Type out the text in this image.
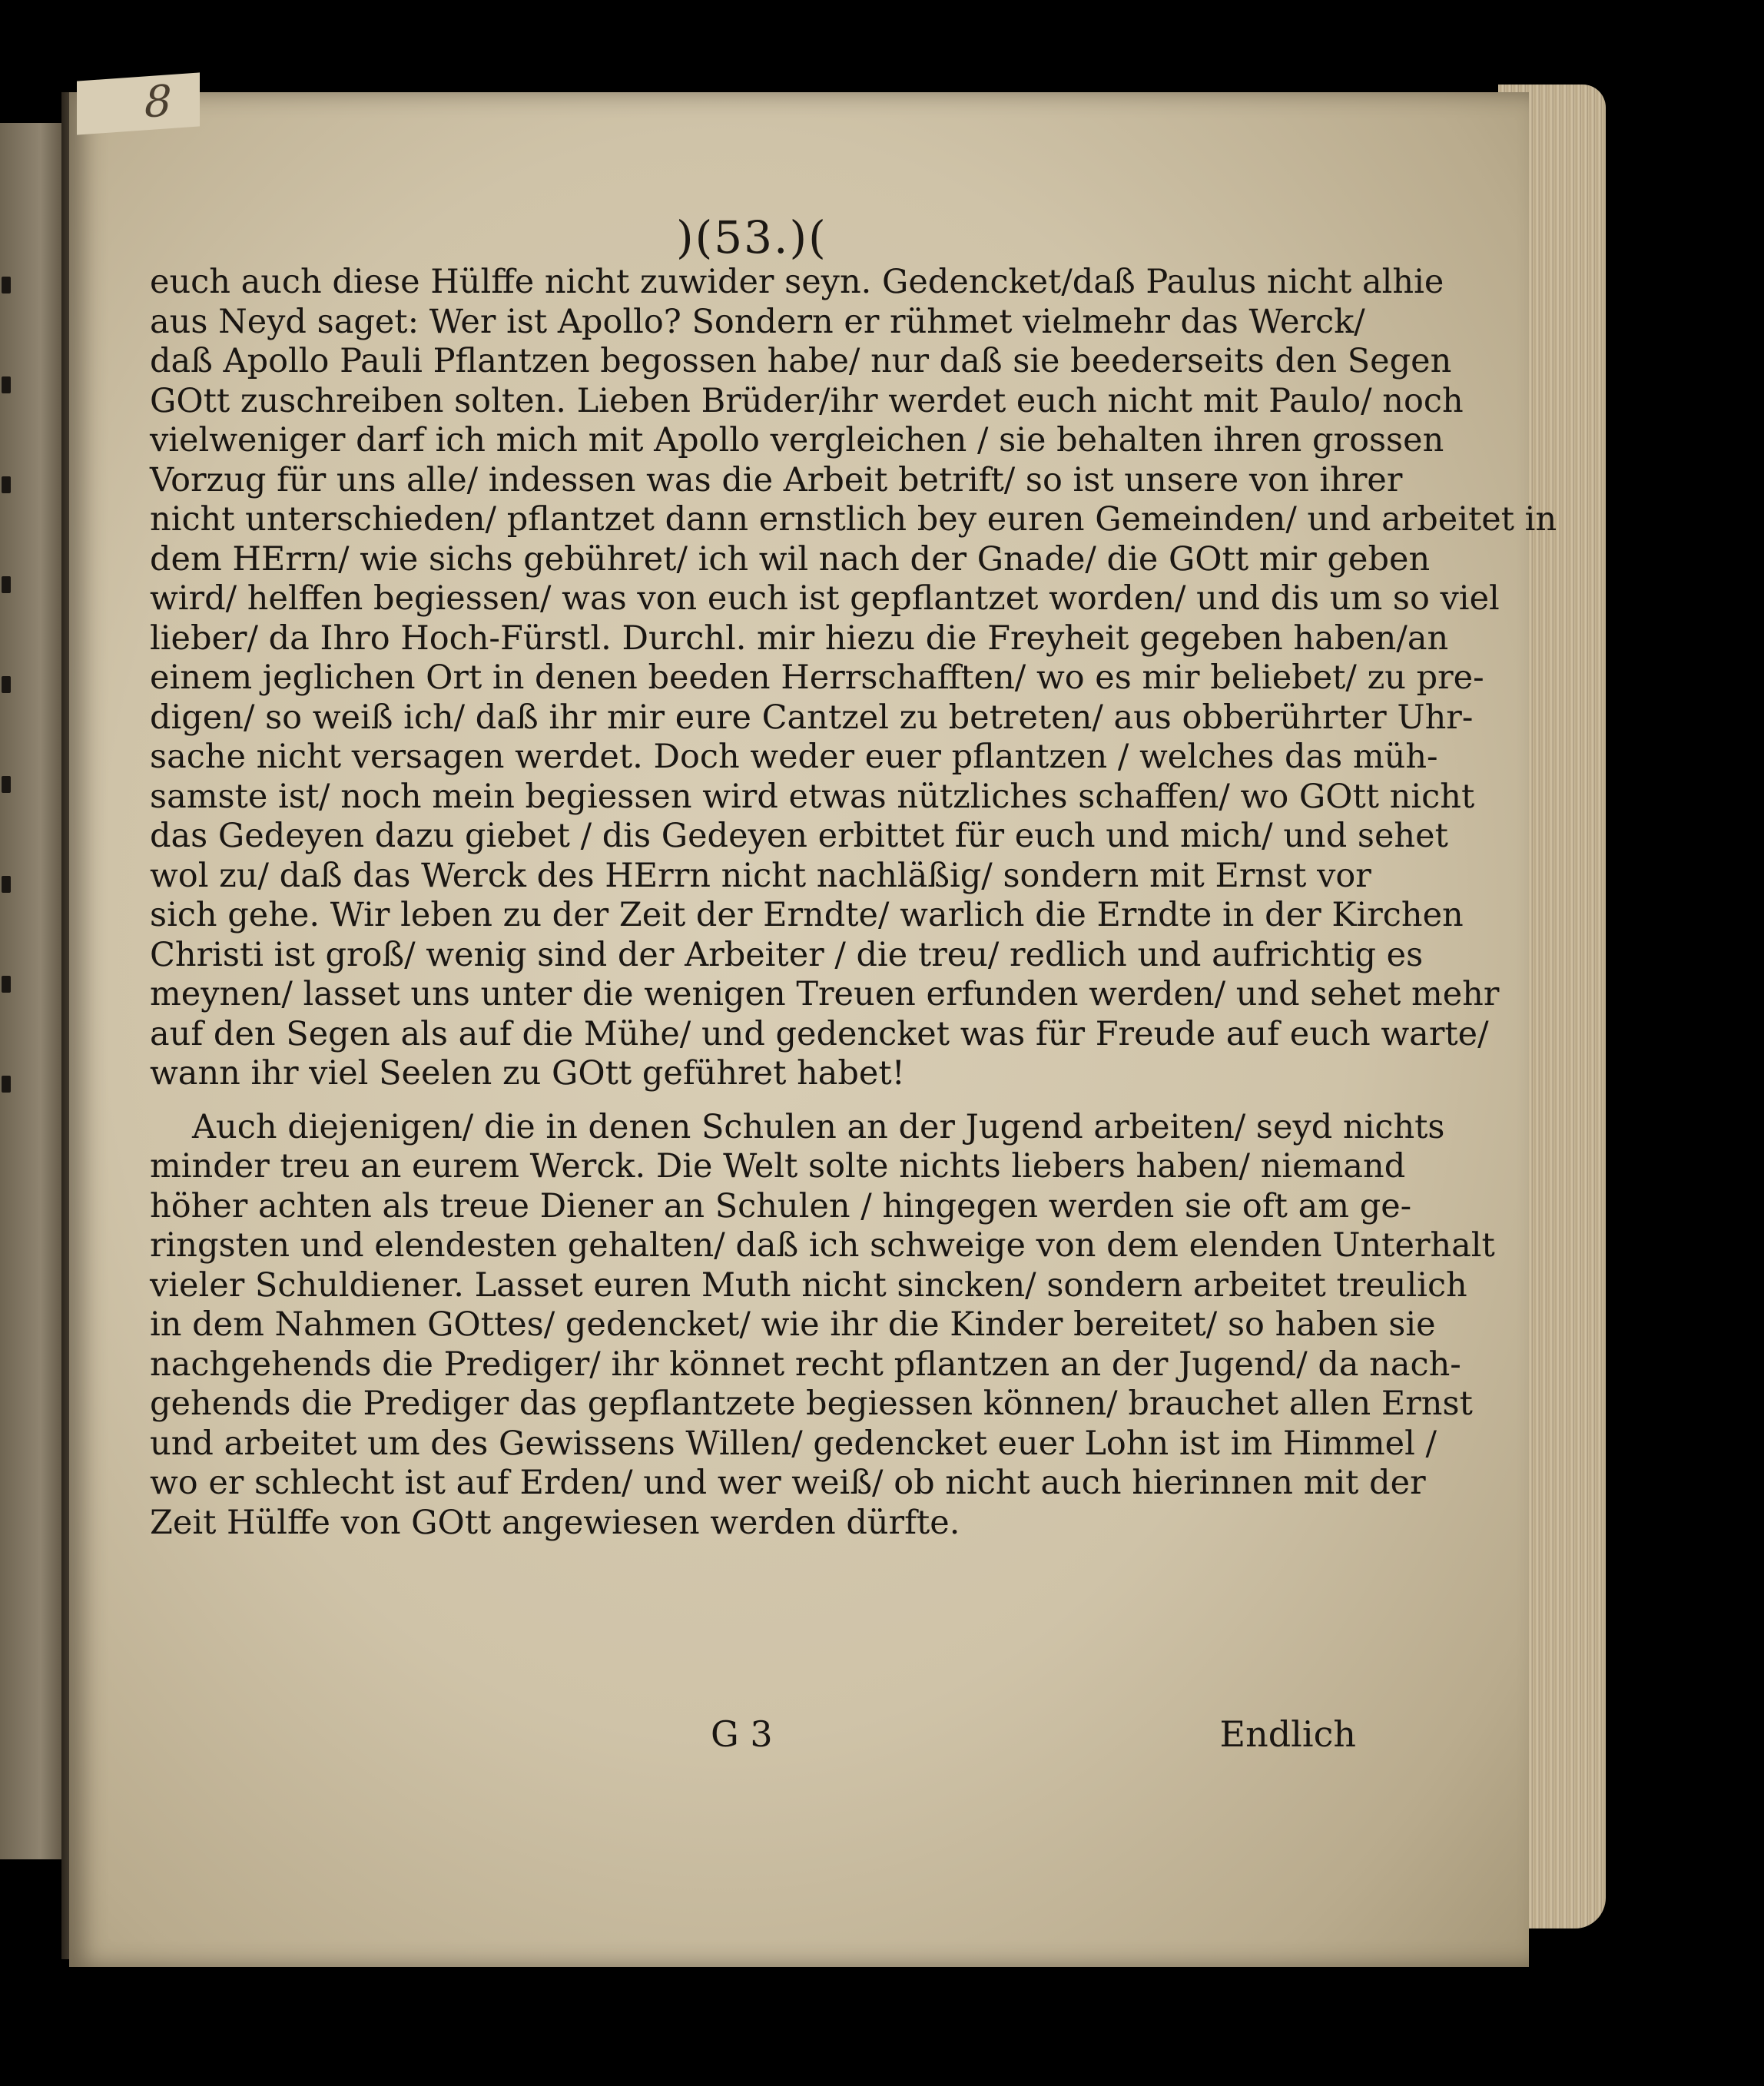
)(53.)(
euch auch diese Hülffe nicht zuwider seyn. Gedencket/daß Paulus nicht alhie
aus Neyd saget: Wer ist Apollo? Sondern er rühmet vielmehr das Werck/
daß Apollo Pauli Pflantzen begossen habe/ nur daß sie beederseits den Segen
GOtt zuschreiben solten. Lieben Brüder/ihr werdet euch nicht mit Paulo/ noch
vielweniger darf ich mich mit Apollo vergleichen / sie behalten ihren grossen
Vorzug für uns alle/ indessen was die Arbeit betrift/ so ist unsere von ihrer
nicht unterschieden/ pflantzet dann ernstlich bey euren Gemeinden/ und arbeitet in
dem HErrn/ wie sichs gebühret/ ich wil nach der Gnade/ die GOtt mir geben
wird/ helffen begiessen/ was von euch ist gepflantzet worden/ und dis um so viel
lieber/ da Ihro Hoch-Fürstl. Durchl. mir hiezu die Freyheit gegeben haben/an
einem jeglichen Ort in denen beeden Herrschafften/ wo es mir beliebet/ zu pre-
digen/ so weiß ich/ daß ihr mir eure Cantzel zu betreten/ aus obberührter Uhr-
sache nicht versagen werdet. Doch weder euer pflantzen / welches das müh-
samste ist/ noch mein begiessen wird etwas nützliches schaffen/ wo GOtt nicht
das Gedeyen dazu giebet / dis Gedeyen erbittet für euch und mich/ und sehet
wol zu/ daß das Werck des HErrn nicht nachläßig/ sondern mit Ernst vor
sich gehe. Wir leben zu der Zeit der Erndte/ warlich die Erndte in der Kirchen
Christi ist groß/ wenig sind der Arbeiter / die treu/ redlich und aufrichtig es
meynen/ lasset uns unter die wenigen Treuen erfunden werden/ und sehet mehr
auf den Segen als auf die Mühe/ und gedencket was für Freude auf euch warte/
wann ihr viel Seelen zu GOtt geführet habet!
Auch diejenigen/ die in denen Schulen an der Jugend arbeiten/ seyd nichts
minder treu an eurem Werck. Die Welt solte nichts liebers haben/ niemand
höher achten als treue Diener an Schulen / hingegen werden sie oft am ge-
ringsten und elendesten gehalten/ daß ich schweige von dem elenden Unterhalt
vieler Schuldiener. Lasset euren Muth nicht sincken/ sondern arbeitet treulich
in dem Nahmen GOttes/ gedencket/ wie ihr die Kinder bereitet/ so haben sie
nachgehends die Prediger/ ihr könnet recht pflantzen an der Jugend/ da nach-
gehends die Prediger das gepflantzete begiessen können/ brauchet allen Ernst
und arbeitet um des Gewissens Willen/ gedencket euer Lohn ist im Himmel /
wo er schlecht ist auf Erden/ und wer weiß/ ob nicht auch hierinnen mit der
Zeit Hülffe von GOtt angewiesen werden dürfte.
G 3	Endlich
8
